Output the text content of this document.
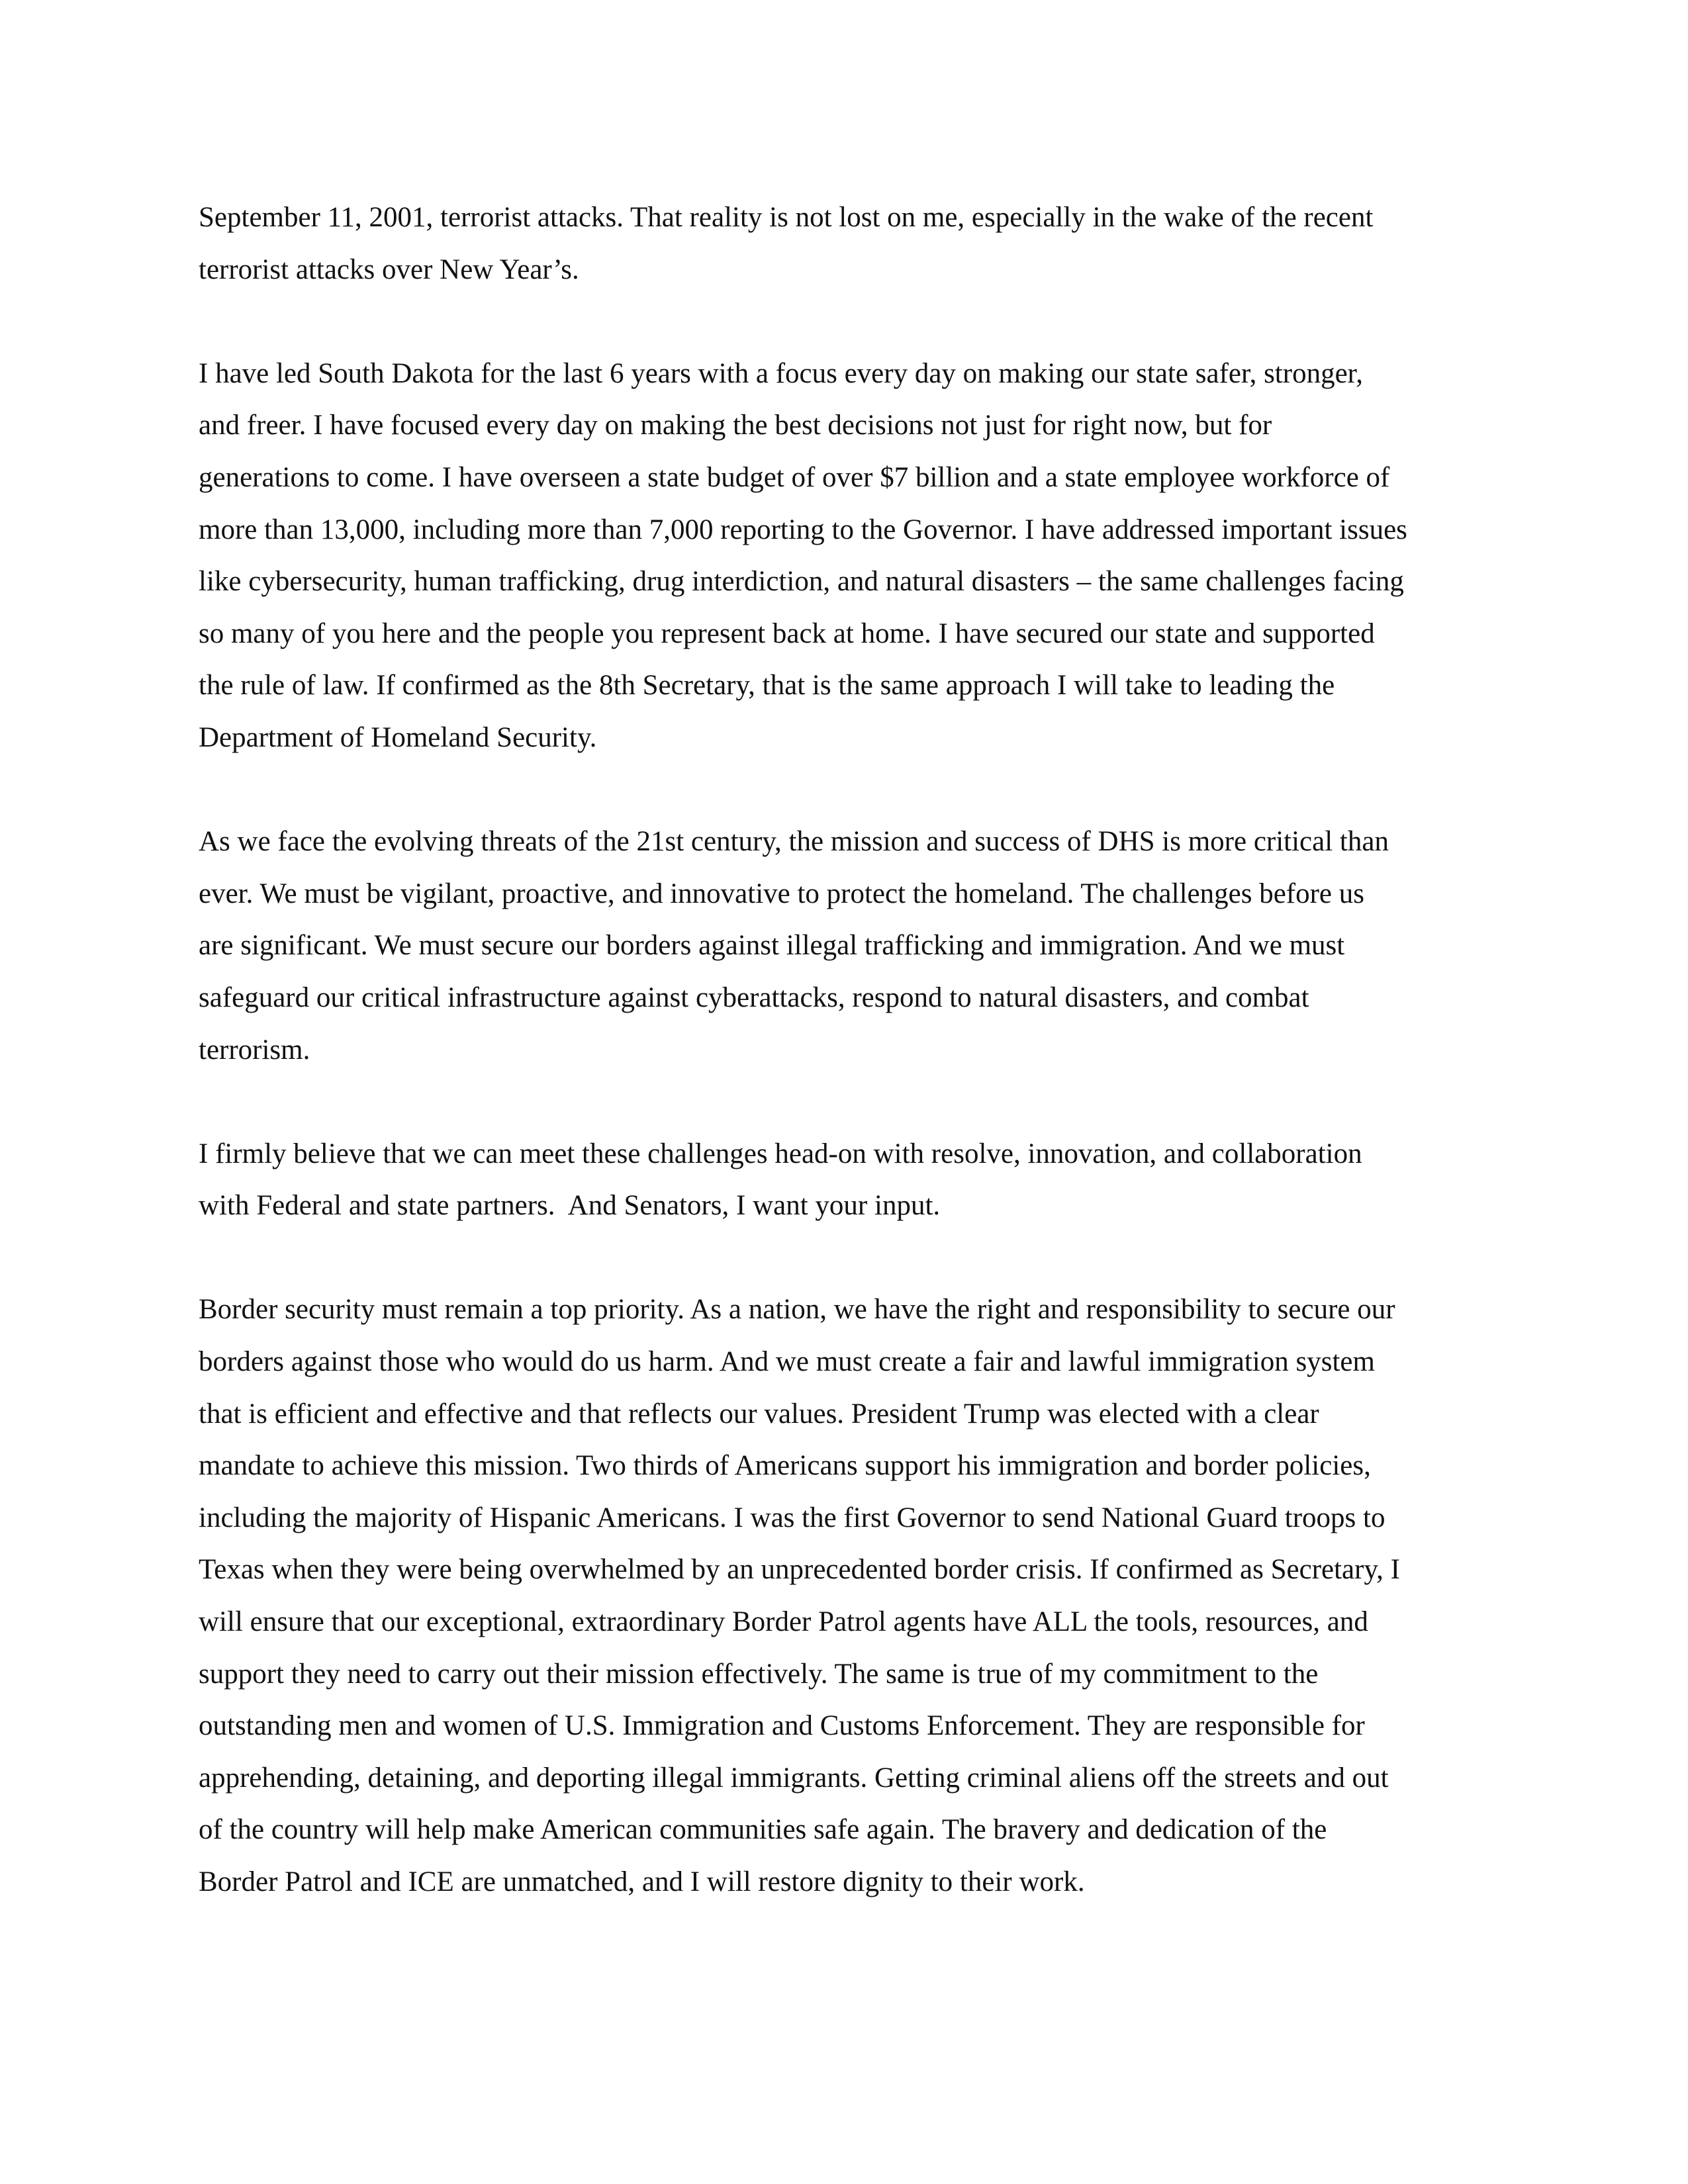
September 11, 2001, terrorist attacks. That reality is not lost on me, especially in the wake of the recent
terrorist attacks over New Year’s.

I have led South Dakota for the last 6 years with a focus every day on making our state safer, stronger,
and freer. I have focused every day on making the best decisions not just for right now, but for
generations to come. I have overseen a state budget of over $7 billion and a state employee workforce of
more than 13,000, including more than 7,000 reporting to the Governor. I have addressed important issues
like cybersecurity, human trafficking, drug interdiction, and natural disasters – the same challenges facing
so many of you here and the people you represent back at home. I have secured our state and supported
the rule of law. If confirmed as the 8th Secretary, that is the same approach I will take to leading the
Department of Homeland Security.

As we face the evolving threats of the 21st century, the mission and success of DHS is more critical than
ever. We must be vigilant, proactive, and innovative to protect the homeland. The challenges before us
are significant. We must secure our borders against illegal trafficking and immigration. And we must
safeguard our critical infrastructure against cyberattacks, respond to natural disasters, and combat
terrorism.

I firmly believe that we can meet these challenges head-on with resolve, innovation, and collaboration
with Federal and state partners.  And Senators, I want your input.

Border security must remain a top priority. As a nation, we have the right and responsibility to secure our
borders against those who would do us harm. And we must create a fair and lawful immigration system
that is efficient and effective and that reflects our values. President Trump was elected with a clear
mandate to achieve this mission. Two thirds of Americans support his immigration and border policies,
including the majority of Hispanic Americans. I was the first Governor to send National Guard troops to
Texas when they were being overwhelmed by an unprecedented border crisis. If confirmed as Secretary, I
will ensure that our exceptional, extraordinary Border Patrol agents have ALL the tools, resources, and
support they need to carry out their mission effectively. The same is true of my commitment to the
outstanding men and women of U.S. Immigration and Customs Enforcement. They are responsible for
apprehending, detaining, and deporting illegal immigrants. Getting criminal aliens off the streets and out
of the country will help make American communities safe again. The bravery and dedication of the
Border Patrol and ICE are unmatched, and I will restore dignity to their work.
